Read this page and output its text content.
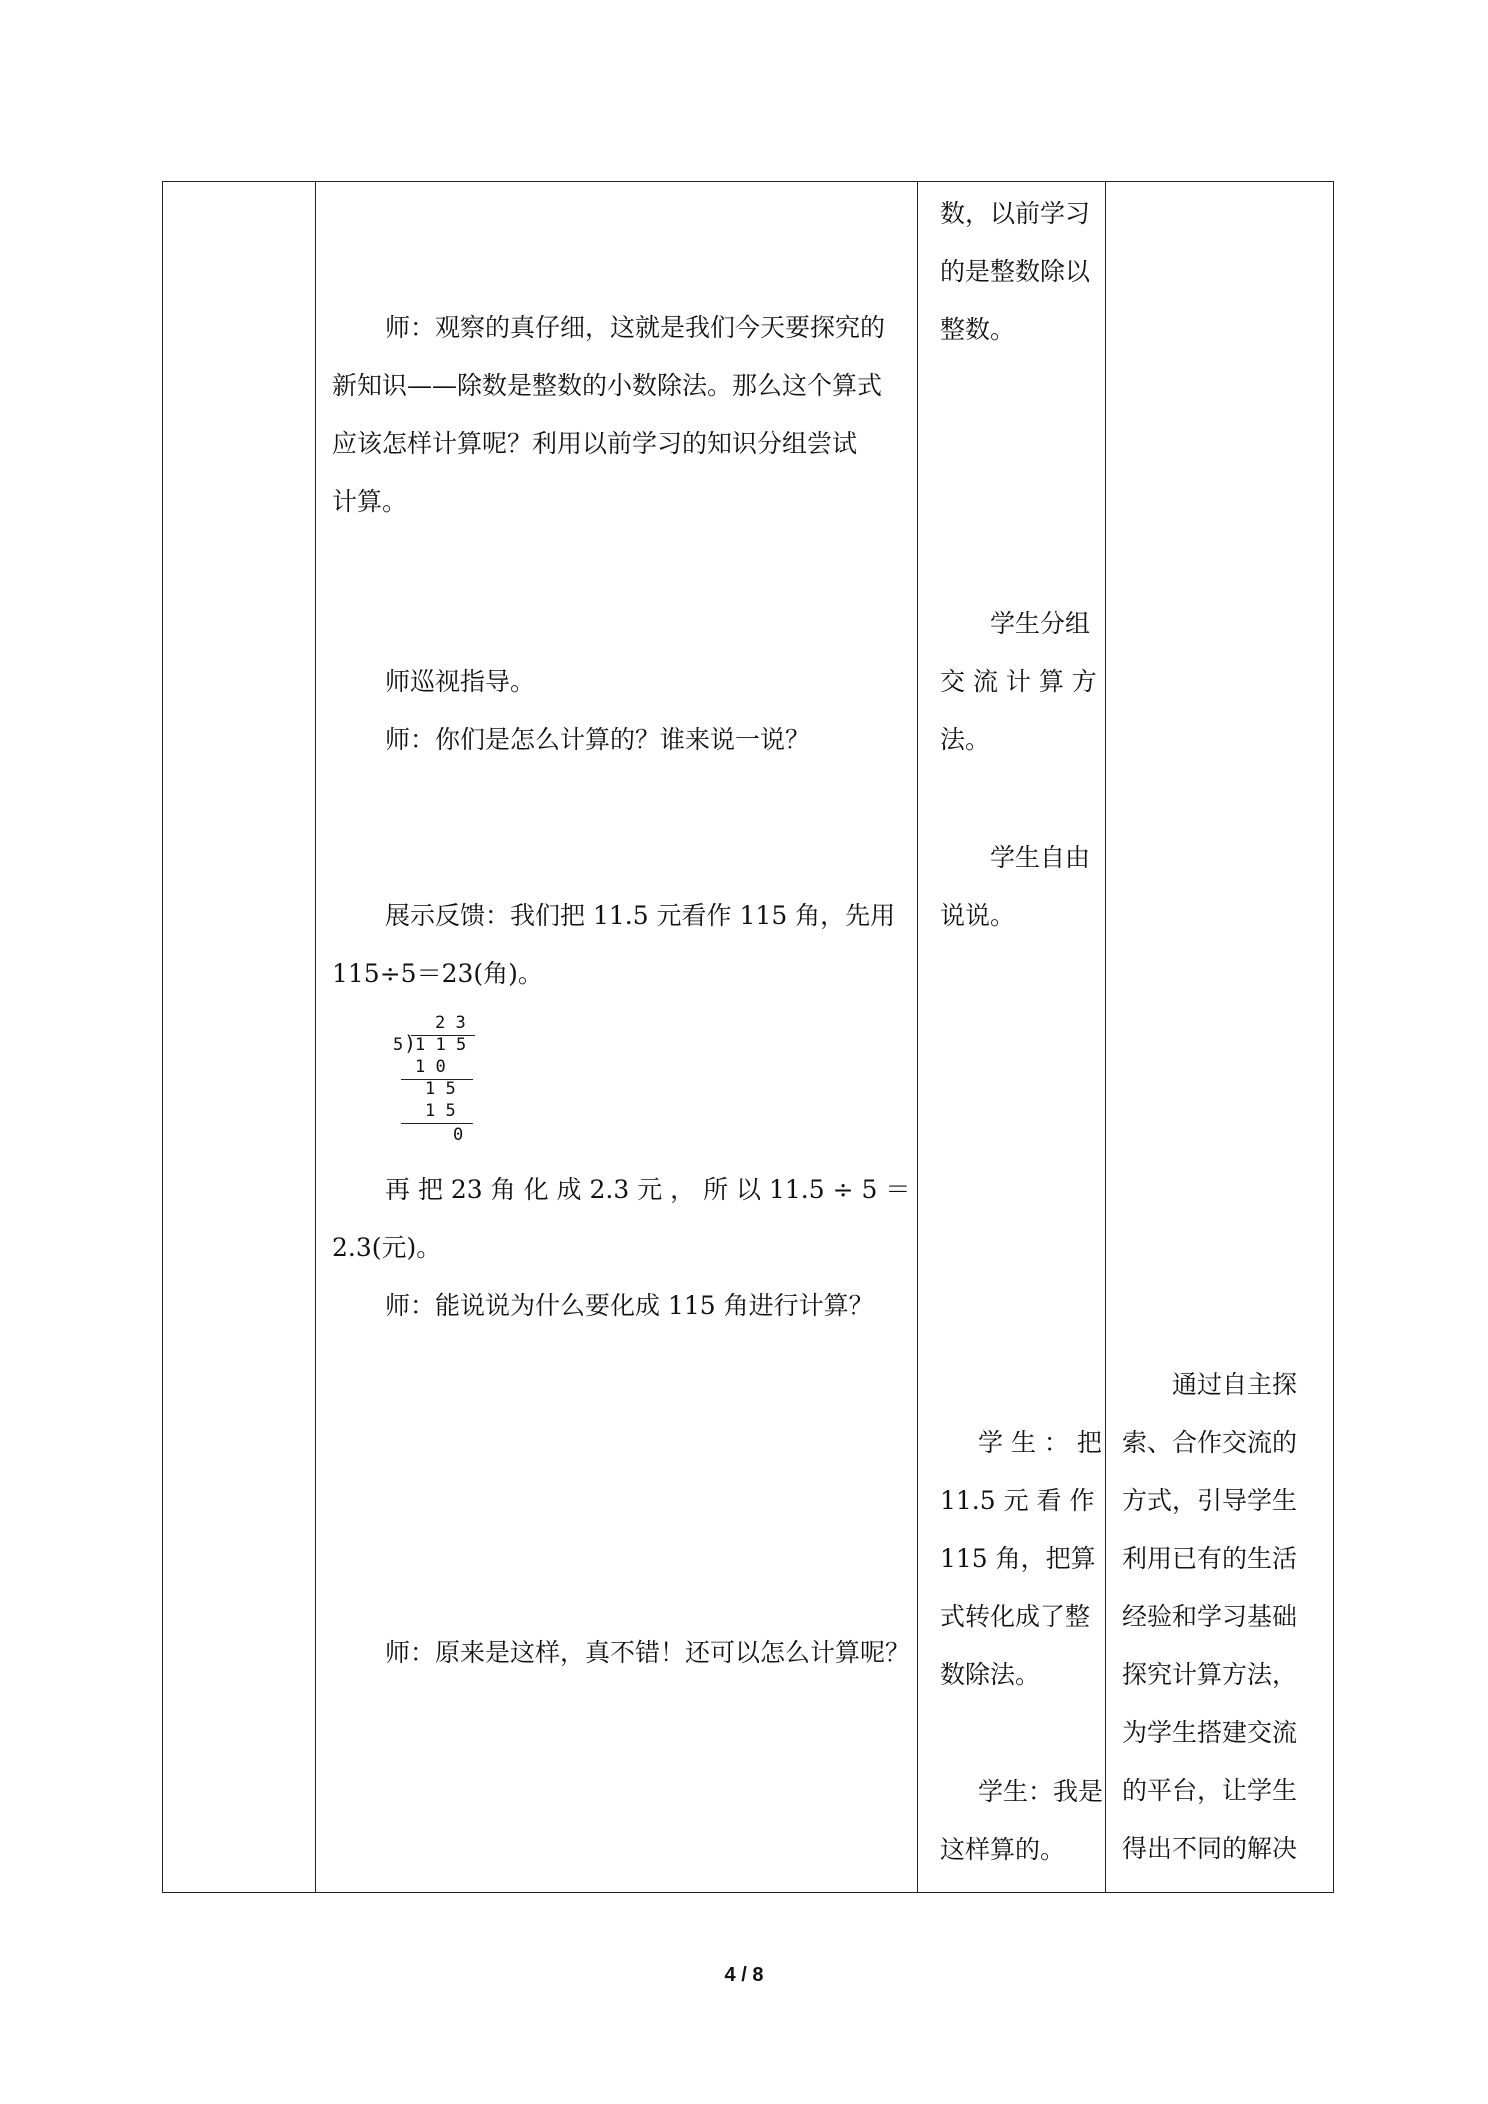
师：观察的真仔细，这就是我们今天要探究的
新知识——除数是整数的小数除法。那么这个算式
应该怎样计算呢？利用以前学习的知识分组尝试
计算。
师巡视指导。
师：你们是怎么计算的？谁来说一说？
展示反馈：我们把 11.5 元看作 115 角，先用
115÷5＝23(角)。
2 3
5 )
1 1 5
1 0
1 5
1 5
0
再 把 23 角 化 成 2.3 元 ， 所 以 11.5 ÷ 5 ＝
2.3(元)。
师：能说说为什么要化成 115 角进行计算？
师：原来是这样，真不错！还可以怎么计算呢？
数，以前学习
的是整数除以
整数。
学生分组
交 流 计 算 方
法。
学生自由
说说。
学 生 ： 把
11.5 元 看 作
115 角，把算
式转化成了整
数除法。
学生：我是
这样算的。
通过自主探
索、合作交流的
方式，引导学生
利用已有的生活
经验和学习基础
探究计算方法，
为学生搭建交流
的平台，让学生
得出不同的解决
4 / 8
